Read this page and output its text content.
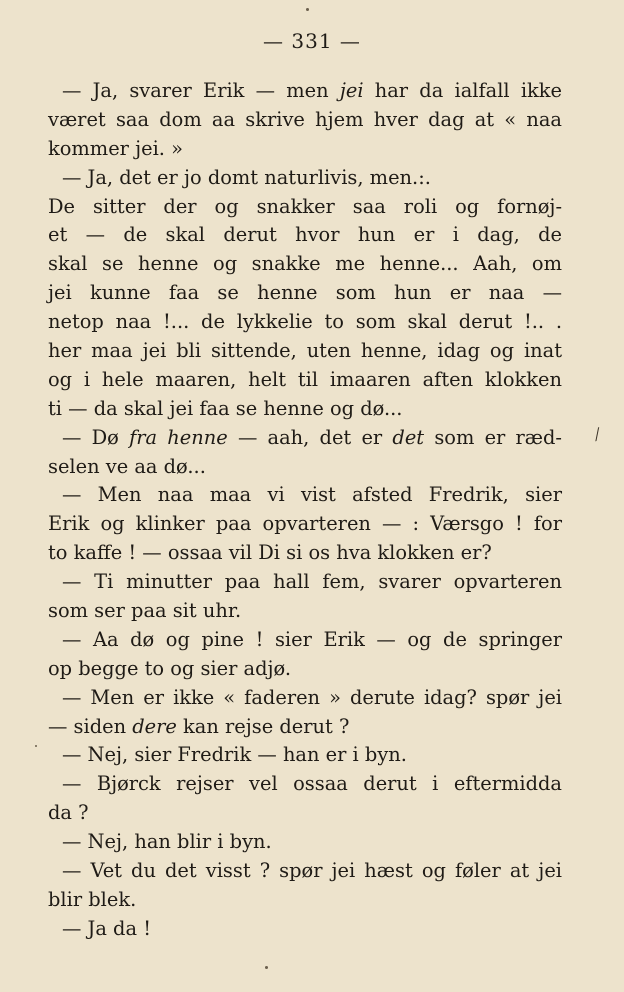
— 331 —
— Ja, svarer Erik — men jei har da ialfall ikke
været saa dom aa skrive hjem hver dag at « naa
kommer jei. »
— Ja, det er jo domt naturlivis, men.:.
De sitter der og snakker saa roli og fornøj-
et — de skal derut hvor hun er i dag, de
skal se henne og snakke me henne... Aah, om
jei kunne faa se henne som hun er naa —
netop naa !... de lykkelie to som skal derut !.. .
her maa jei bli sittende, uten henne, idag og inat
og i hele maaren, helt til imaaren aften klokken
ti — da skal jei faa se henne og dø...
— Dø fra henne — aah, det er det som er ræd-
selen ve aa dø...
— Men naa maa vi vist afsted Fredrik, sier
Erik og klinker paa opvarteren — : Værsgo ! for
to kaffe ! — ossaa vil Di si os hva klokken er?
— Ti minutter paa hall fem, svarer opvarteren
som ser paa sit uhr.
— Aa dø og pine ! sier Erik — og de springer
op begge to og sier adjø.
— Men er ikke « faderen » derute idag? spør jei
— siden dere kan rejse derut ?
— Nej, sier Fredrik — han er i byn.
— Bjørck rejser vel ossaa derut i eftermidda
da ?
— Nej, han blir i byn.
— Vet du det visst ? spør jei hæst og føler at jei
blir blek.
— Ja da !
⁄
